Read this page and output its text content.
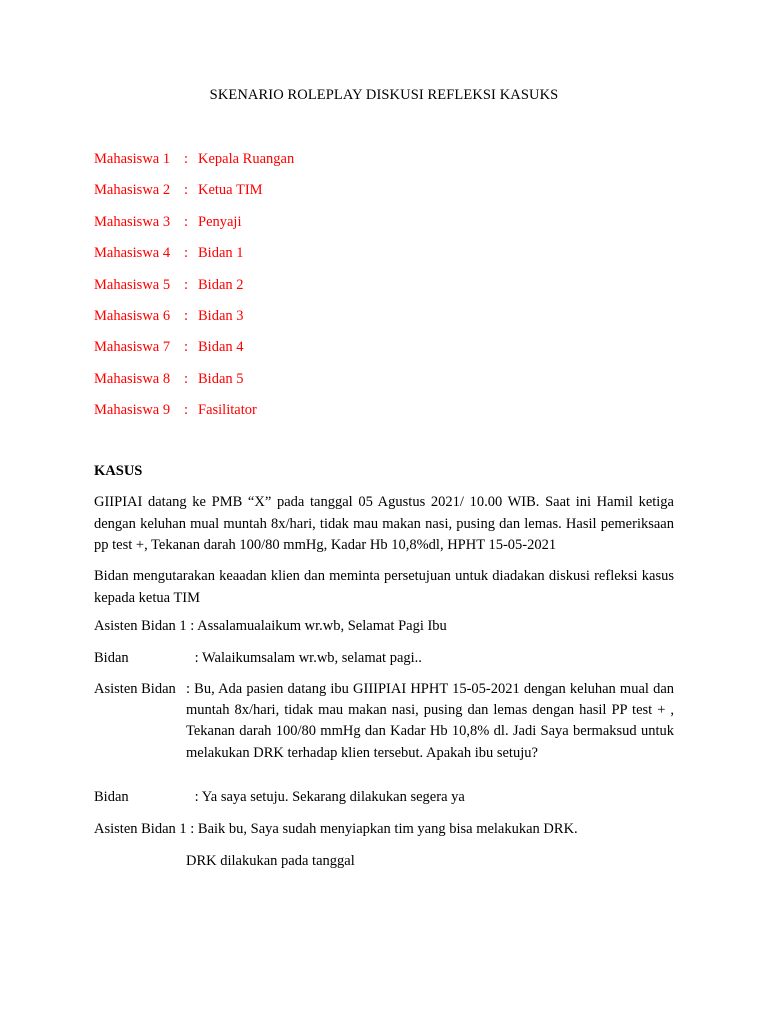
SKENARIO ROLEPLAY DISKUSI REFLEKSI KASUKS
Mahasiswa 1 : Kepala Ruangan
Mahasiswa 2 : Ketua TIM
Mahasiswa 3 : Penyaji
Mahasiswa 4 : Bidan 1
Mahasiswa 5 : Bidan 2
Mahasiswa 6 : Bidan 3
Mahasiswa 7 : Bidan 4
Mahasiswa 8 : Bidan 5
Mahasiswa 9 : Fasilitator
KASUS
GIIPIAI datang ke PMB “X” pada tanggal 05 Agustus 2021/ 10.00 WIB. Saat ini Hamil ketiga dengan keluhan mual muntah 8x/hari, tidak mau makan nasi, pusing dan lemas. Hasil pemeriksaan pp test +, Tekanan darah 100/80 mmHg, Kadar Hb 10,8%dl, HPHT 15-05-2021
Bidan mengutarakan keaadan klien dan meminta persetujuan untuk diadakan diskusi refleksi kasus kepada ketua TIM
Asisten Bidan 1 : Assalamualaikum wr.wb, Selamat Pagi Ibu
Bidan	: Walaikumsalam wr.wb, selamat pagi..
Asisten Bidan : Bu, Ada pasien datang ibu GIIIPIAI HPHT 15-05-2021 dengan keluhan mual dan muntah 8x/hari, tidak mau makan nasi, pusing dan lemas dengan hasil PP test + , Tekanan darah 100/80 mmHg dan Kadar Hb 10,8% dl. Jadi Saya bermaksud untuk melakukan DRK terhadap klien tersebut. Apakah ibu setuju?
Bidan	: Ya saya setuju. Sekarang dilakukan segera ya
Asisten Bidan 1 : Baik bu, Saya sudah menyiapkan tim yang bisa melakukan DRK.
DRK dilakukan pada tanggal
